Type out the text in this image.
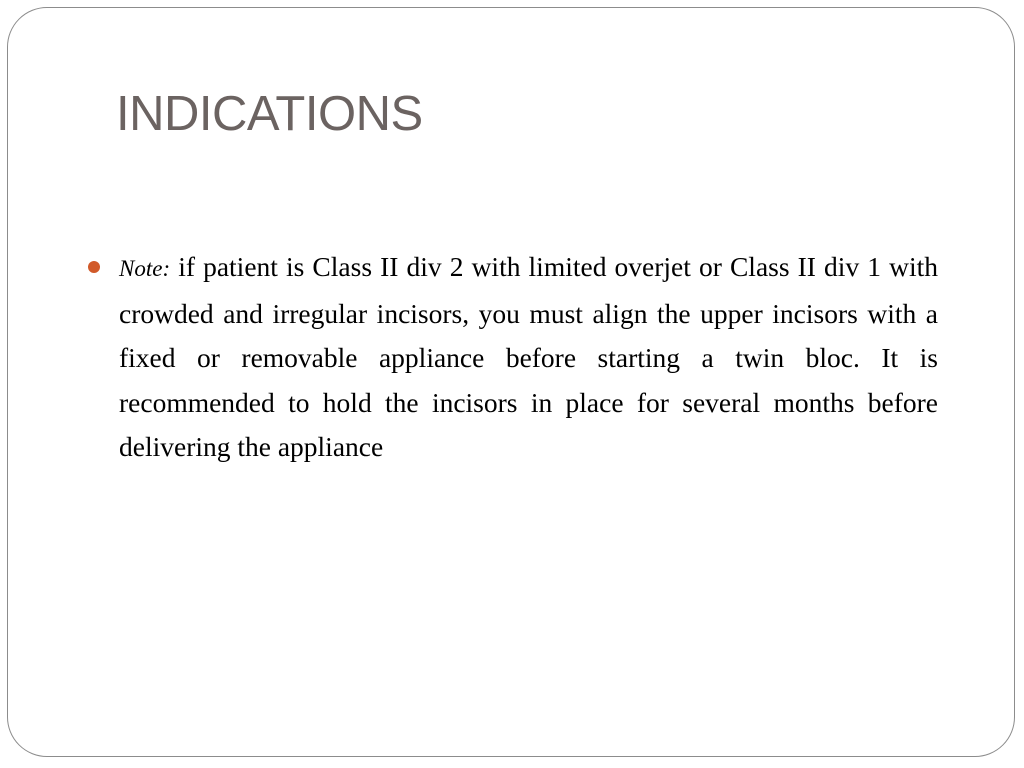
INDICATIONS
Note: if patient is Class II div 2 with limited overjet or Class II div 1 with crowded and irregular incisors, you must align the upper incisors with a fixed or removable appliance before starting a twin bloc. It is recommended to hold the incisors in place for several months before delivering the appliance
